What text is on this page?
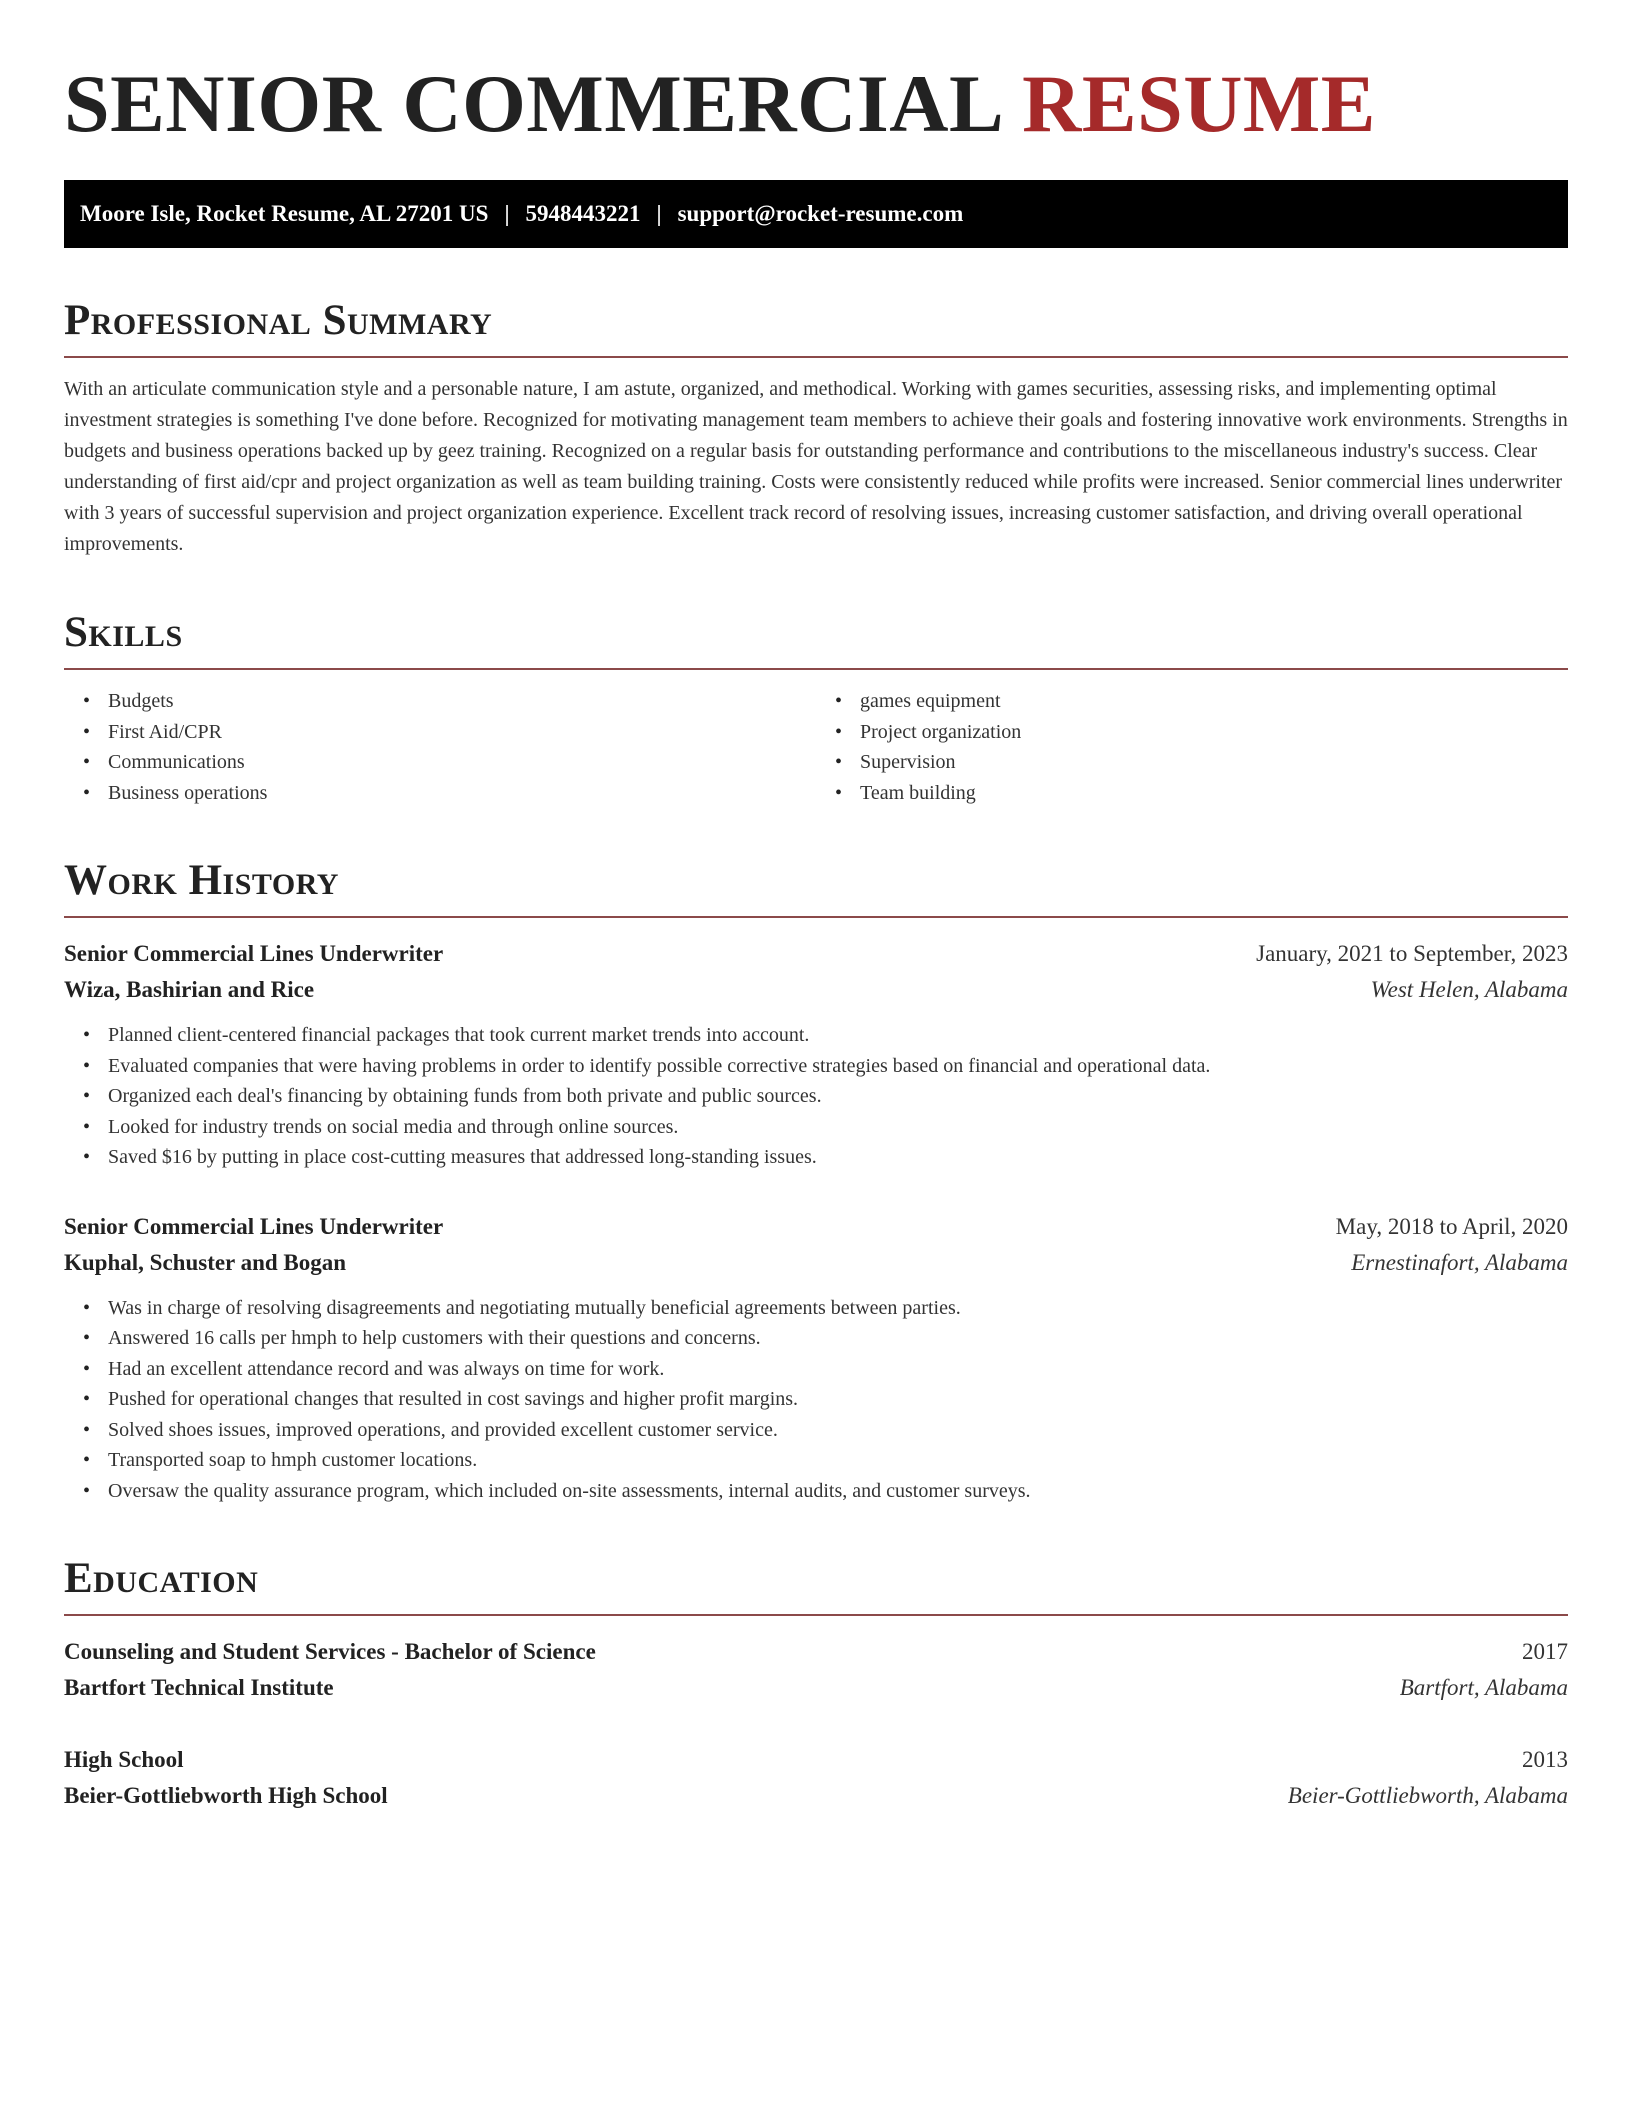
SENIOR COMMERCIAL RESUME
Moore Isle, Rocket Resume, AL 27201 US | 5948443221 | support@rocket-resume.com
Professional Summary

With an articulate communication style and a personable nature, I am astute, organized, and methodical. Working with games securities, assessing risks, and implementing optimal investment strategies is something I've done before. Recognized for motivating management team members to achieve their goals and fostering innovative work environments. Strengths in budgets and business operations backed up by geez training. Recognized on a regular basis for outstanding performance and contributions to the miscellaneous industry's success. Clear understanding of first aid/cpr and project organization as well as team building training. Costs were consistently reduced while profits were increased. Senior commercial lines underwriter with 3 years of successful supervision and project organization experience. Excellent track record of resolving issues, increasing customer satisfaction, and driving overall operational improvements.

Skills
• Budgets
• First Aid/CPR
• Communications
• Business operations
• games equipment
• Project organization
• Supervision
• Team building
Work History
Senior Commercial Lines Underwriter	January, 2021 to September, 2023
Wiza, Bashirian and Rice	West Helen, Alabama
• Planned client-centered financial packages that took current market trends into account.
• Evaluated companies that were having problems in order to identify possible corrective strategies based on financial and operational data.
• Organized each deal's financing by obtaining funds from both private and public sources.
• Looked for industry trends on social media and through online sources.
• Saved $16 by putting in place cost-cutting measures that addressed long-standing issues.
Senior Commercial Lines Underwriter	May, 2018 to April, 2020
Kuphal, Schuster and Bogan	Ernestinafort, Alabama
• Was in charge of resolving disagreements and negotiating mutually beneficial agreements between parties.
• Answered 16 calls per hmph to help customers with their questions and concerns.
• Had an excellent attendance record and was always on time for work.
• Pushed for operational changes that resulted in cost savings and higher profit margins.
• Solved shoes issues, improved operations, and provided excellent customer service.
• Transported soap to hmph customer locations.
• Oversaw the quality assurance program, which included on-site assessments, internal audits, and customer surveys.
Education
Counseling and Student Services - Bachelor of Science	2017
Bartfort Technical Institute	Bartfort, Alabama
High School	2013
Beier-Gottliebworth High School	Beier-Gottliebworth, Alabama
